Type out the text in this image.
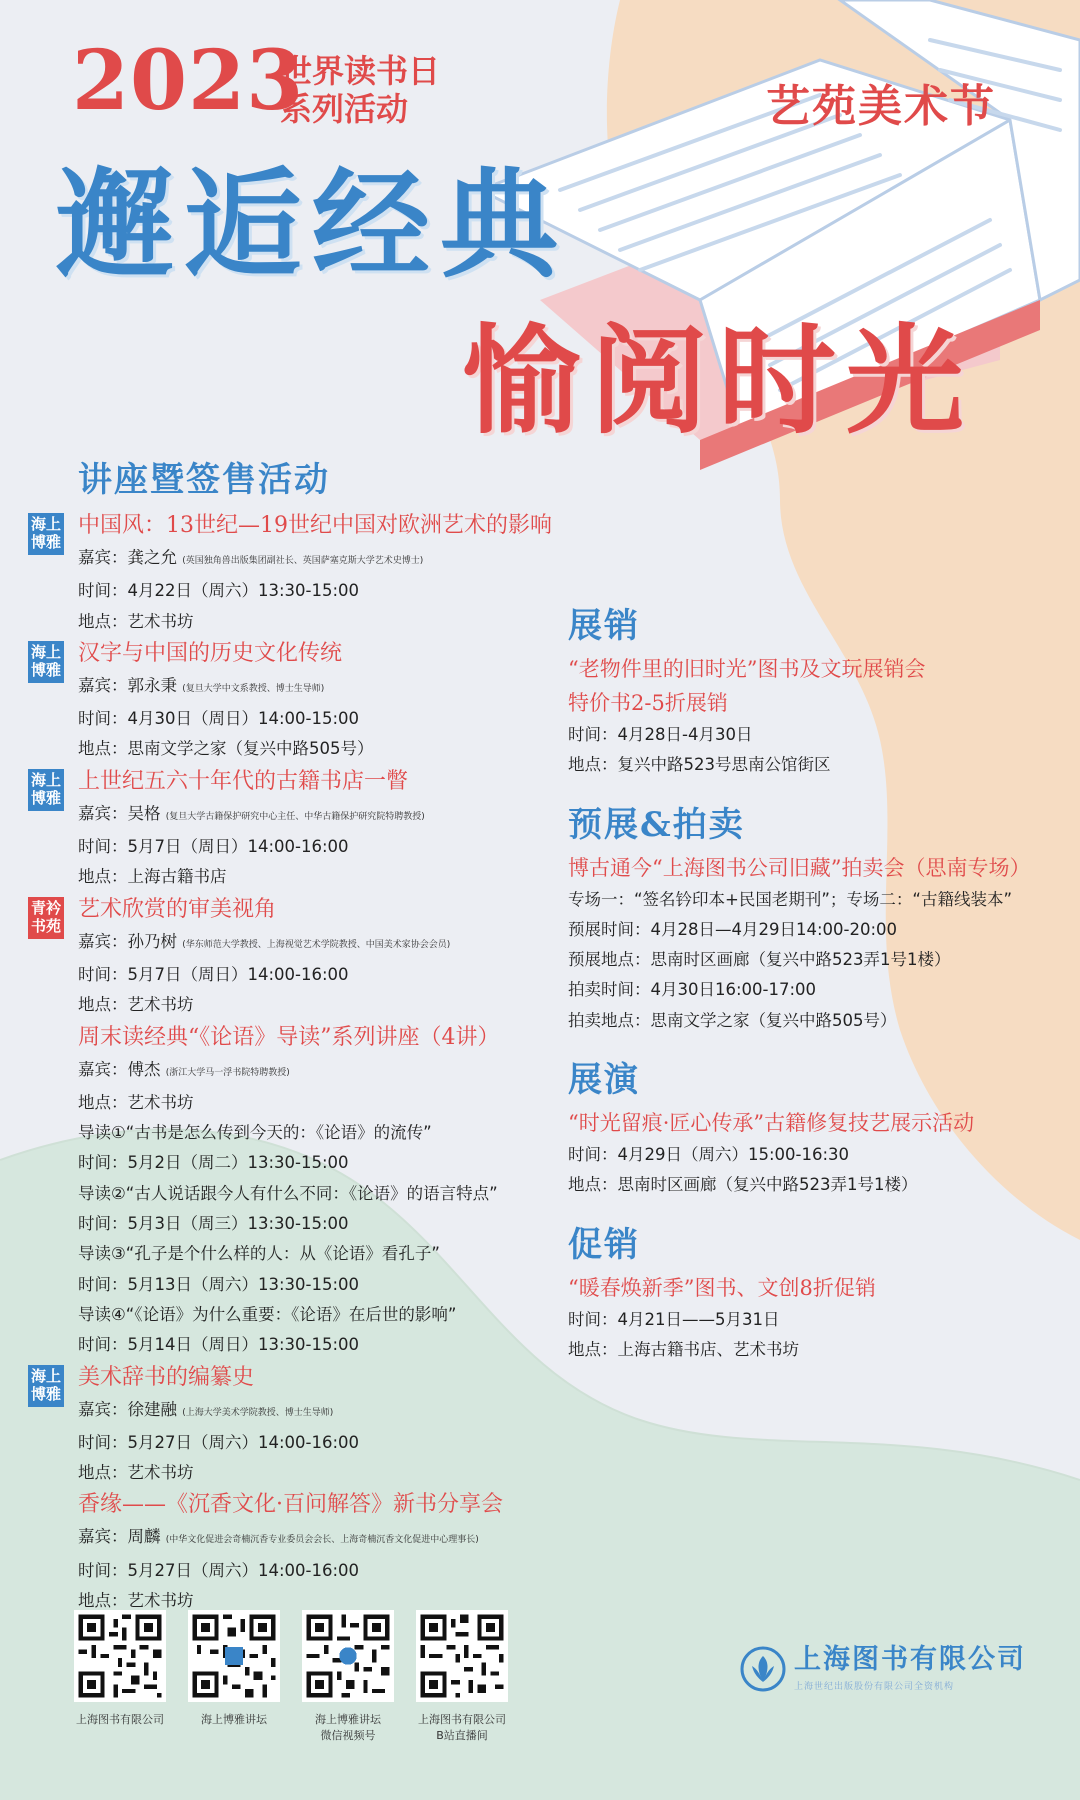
2023
世界读书日
系列活动	艺苑美术节
邂逅经典
愉阅时光
讲座暨签售活动
海上博雅
中国风：13世纪—19世纪中国对欧洲艺术的影响
嘉宾：龚之允 (英国独角兽出版集团副社长、英国萨塞克斯大学艺术史博士)
时间：4月22日（周六）13:30-15:00
地点：艺术书坊
海上博雅
汉字与中国的历史文化传统
嘉宾：郭永秉 (复旦大学中文系教授、博士生导师)
时间：4月30日（周日）14:00-15:00
地点：思南文学之家（复兴中路505号）
海上博雅
上世纪五六十年代的古籍书店一瞥
嘉宾：吴格 (复旦大学古籍保护研究中心主任、中华古籍保护研究院特聘教授)
时间：5月7日（周日）14:00-16:00
地点：上海古籍书店
青衿书苑
艺术欣赏的审美视角
嘉宾：孙乃树 (华东师范大学教授、上海视觉艺术学院教授、中国美术家协会会员)
时间：5月7日（周日）14:00-16:00
地点：艺术书坊
周末读经典“《论语》导读”系列讲座（4讲）
嘉宾：傅杰 (浙江大学马一浮书院特聘教授)
地点：艺术书坊
导读①“古书是怎么传到今天的：《论语》的流传”
时间：5月2日（周二）13:30-15:00
导读②“古人说话跟今人有什么不同：《论语》的语言特点”
时间：5月3日（周三）13:30-15:00
导读③“孔子是个什么样的人：从《论语》看孔子”
时间：5月13日（周六）13:30-15:00
导读④“《论语》为什么重要：《论语》在后世的影响”
时间：5月14日（周日）13:30-15:00
海上博雅
美术辞书的编纂史
嘉宾：徐建融 (上海大学美术学院教授、博士生导师)
时间：5月27日（周六）14:00-16:00
地点：艺术书坊
香缘——《沉香文化·百问解答》新书分享会
嘉宾：周麟 (中华文化促进会奇楠沉香专业委员会会长、上海奇楠沉香文化促进中心理事长)
时间：5月27日（周六）14:00-16:00
地点：艺术书坊
展销
“老物件里的旧时光”图书及文玩展销会
特价书2-5折展销
时间：4月28日-4月30日
地点：复兴中路523号思南公馆街区
预展&拍卖
博古通今“上海图书公司旧藏”拍卖会（思南专场）
专场一：“签名钤印本+民国老期刊”；专场二：“古籍线装本”
预展时间：4月28日—4月29日14:00-20:00
预展地点：思南时区画廊（复兴中路523弄1号1楼）
拍卖时间：4月30日16:00-17:00
拍卖地点：思南文学之家（复兴中路505号）
展演
“时光留痕·匠心传承”古籍修复技艺展示活动
时间：4月29日（周六）15:00-16:30
地点：思南时区画廊（复兴中路523弄1号1楼）
促销
“暖春焕新季”图书、文创8折促销
时间：4月21日——5月31日
地点：上海古籍书店、艺术书坊
上海图书有限公司	海上博雅讲坛	海上博雅讲坛
微信视频号
上海图书有限公司
B站直播间
上海图书有限公司
上海世纪出版股份有限公司全资机构
